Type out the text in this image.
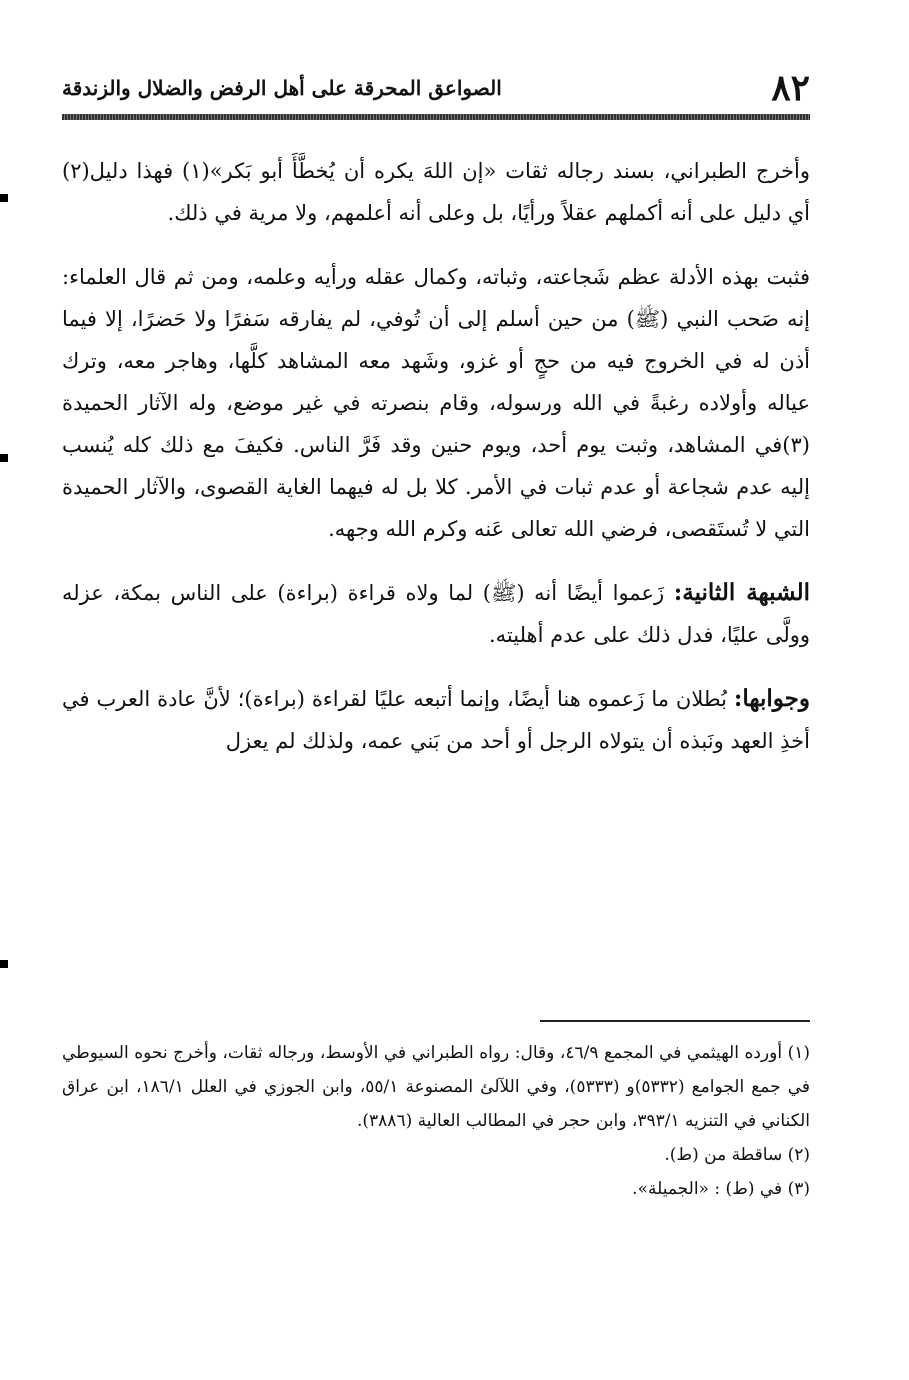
٨٢
الصواعق المحرقة على أهل الرفض والضلال والزندقة

وأخرج الطبراني، بسند رجاله ثقات «إن اللهَ يكره أن يُخطَّأَ أبو بَكر»(١) فهذا دليل(٢) أي دليل على أنه أكملهم عقلاً ورأيًا، بل وعلى أنه أعلمهم، ولا مرية في ذلك.

فثبت بهذه الأدلة عظم شَجاعته، وثباته، وكمال عقله ورأيه وعلمه، ومن ثم قال العلماء: إنه صَحب النبي (ﷺ) من حين أسلم إلى أن تُوفي، لم يفارقه سَفرًا ولا حَضرًا، إلا فيما أذن له في الخروج فيه من حجٍ أو غزو، وشَهد معه المشاهد كلَّها، وهاجر معه، وترك عياله وأولاده رغبةً في الله ورسوله، وقام بنصرته في غير موضع، وله الآثار الحميدة (٣)في المشاهد، وثبت يوم أحد، ويوم حنين وقد فَرَّ الناس. فكيفَ مع ذلك كله يُنسب إليه عدم شجاعة أو عدم ثبات في الأمر. كلا بل له فيهما الغاية القصوى، والآثار الحميدة التي لا تُستَقصى، فرضي الله تعالى عَنه وكرم الله وجهه.

الشبهة الثانية: زَعموا أيضًا أنه (ﷺ) لما ولاه قراءة (براءة) على الناس بمكة، عزله وولَّى عليًا، فدل ذلك على عدم أهليته.

وجوابها: بُطلان ما زَعموه هنا أيضًا، وإنما أتبعه عليًا لقراءة (براءة)؛ لأنَّ عادة العرب في أخذِ العهد ونَبذه أن يتولاه الرجل أو أحد من بَني عمه، ولذلك لم يعزل

(١) أورده الهيثمي في المجمع ٤٦/٩، وقال: رواه الطبراني في الأوسط، ورجاله ثقات، وأخرج نحوه السيوطي في جمع الجوامع (٥٣٣٢)و (٥٣٣٣)، وفي اللآلئ المصنوعة ٥٥/١، وابن الجوزي في العلل ١٨٦/١، ابن عراق الكناني في التنزيه ٣٩٣/١، وابن حجر في المطالب العالية (٣٨٨٦).

(٢) ساقطة من (ط).

(٣) في (ط) : «الجميلة».
